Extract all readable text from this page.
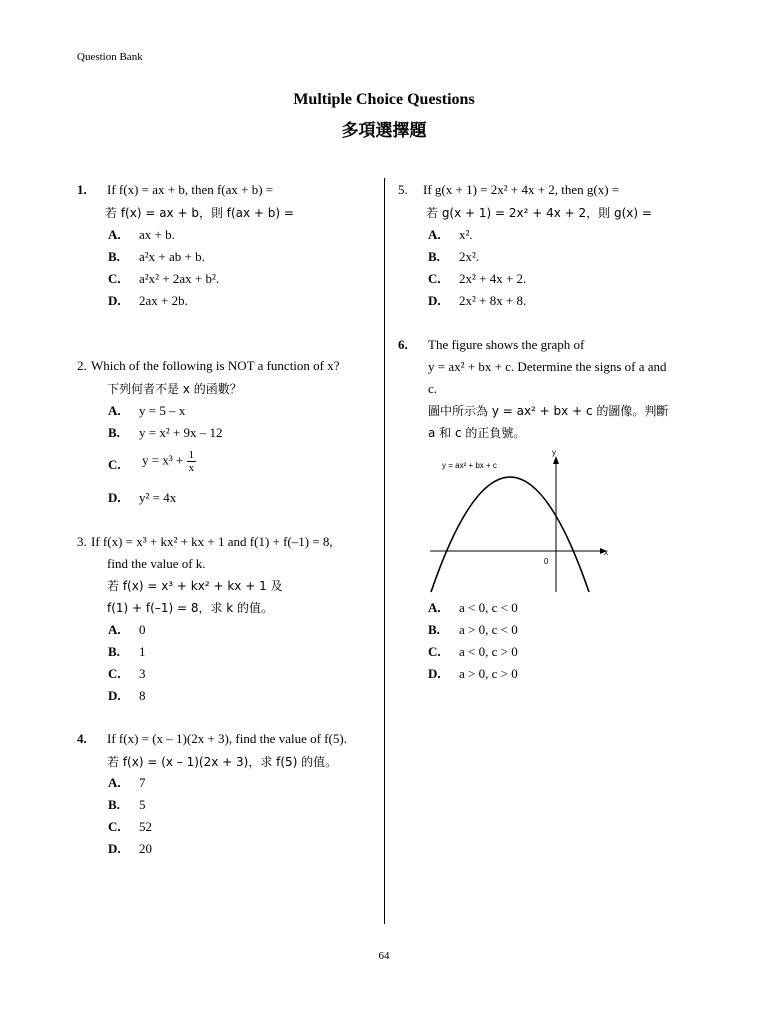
Question Bank
Multiple Choice Questions
多項選擇題
1. If f(x) = ax + b, then f(ax + b) =
若 f(x) = ax + b，則 f(ax + b) =
A. ax + b.
B. a²x + ab + b.
C. a²x² + 2ax + b².
D. 2ax + 2b.
2. Which of the following is NOT a function of x?
下列何者不是 x 的函數？
A. y = 5 – x
B. y = x² + 9x – 12
C. $y = x^3 + \frac{1}{x}$
D. y² = 4x
3. If f(x) = x³ + kx² + kx + 1 and f(1) + f(–1) = 8,
find the value of k.
若 f(x) = x³ + kx² + kx + 1 及
f(1) + f(–1) = 8，求 k 的值。
A. 0
B. 1
C. 3
D. 8
4. If f(x) = (x – 1)(2x + 3), find the value of f(5).
若 f(x) = (x – 1)(2x + 3)，求 f(5) 的值。
A. 7
B. 5
C. 52
D. 20
5. If g(x + 1) = 2x² + 4x + 2, then g(x) =
若 g(x + 1) = 2x² + 4x + 2，則 g(x) =
A. x².
B. 2x².
C. 2x² + 4x + 2.
D. 2x² + 8x + 8.
6. The figure shows the graph of
y = ax² + bx + c. Determine the signs of a and
c.
圖中所示為 y = ax² + bx + c 的圖像。判斷
a 和 c 的正負號。
y = ax² + bx + c
y
x
0
A. a < 0, c < 0
B. a > 0, c < 0
C. a < 0, c > 0
D. a > 0, c > 0
64
